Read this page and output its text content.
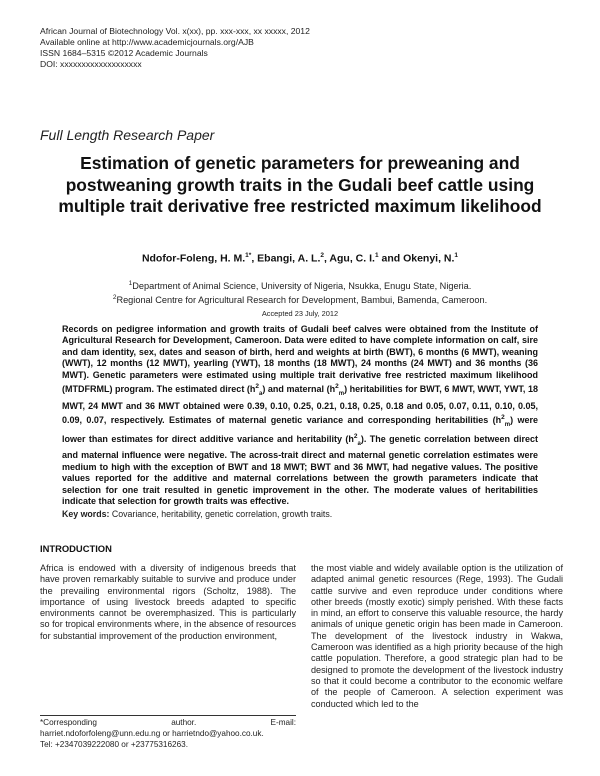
African Journal of Biotechnology Vol. x(xx), pp. xxx-xxx, xx xxxxx, 2012
Available online at http://www.academicjournals.org/AJB
ISSN 1684–5315 ©2012 Academic Journals
DOI: xxxxxxxxxxxxxxxxxxx
Full Length Research Paper
Estimation of genetic parameters for preweaning and postweaning growth traits in the Gudali beef cattle using multiple trait derivative free restricted maximum likelihood
Ndofor-Foleng, H. M.$^{1*}$, Ebangi, A. L.$^2$, Agu, C. I.$^1$ and Okenyi, N.$^1$
$^1$Department of Animal Science, University of Nigeria, Nsukka, Enugu State, Nigeria.
$^2$Regional Centre for Agricultural Research for Development, Bambui, Bamenda, Cameroon.
Accepted 23 July, 2012
Records on pedigree information and growth traits of Gudali beef calves were obtained from the Institute of Agricultural Research for Development, Cameroon. Data were edited to have complete information on calf, sire and dam identity, sex, dates and season of birth, herd and weights at birth (BWT), 6 months (6 MWT), weaning (WWT), 12 months (12 MWT), yearling (YWT), 18 months (18 MWT), 24 months (24 MWT) and 36 months (36 MWT). Genetic parameters were estimated using multiple trait derivative free restricted maximum likelihood (MTDFRML) program. The estimated direct $(h^2_a)$ and maternal $(h^2_m)$ heritabilities for BWT, 6 MWT, WWT, YWT, 18 MWT, 24 MWT and 36 MWT obtained were 0.39, 0.10, 0.25, 0.21, 0.18, 0.25, 0.18 and 0.05, 0.07, 0.11, 0.10, 0.05, 0.09, 0.07, respectively. Estimates of maternal genetic variance and corresponding heritabilities $(h^2_m)$ were lower than estimates for direct additive variance and heritability $(h^2_a)$. The genetic correlation between direct and maternal influence were negative. The across-trait direct and maternal genetic correlation estimates were medium to high with the exception of BWT and 18 MWT; BWT and 36 MWT, had negative values. The positive values reported for the additive and maternal correlations between the growth parameters indicate that selection for one trait resulted in genetic improvement in the other. The moderate values of heritabilities indicate that selection for growth traits was effective.
Key words: Covariance, heritability, genetic correlation, growth traits.
INTRODUCTION
Africa is endowed with a diversity of indigenous breeds that have proven remarkably suitable to survive and produce under the prevailing environmental rigors (Scholtz, 1988). The importance of using livestock breeds adapted to specific environments cannot be overemphasized. This is particularly so for tropical environments where, in the absence of resources for substantial improvement of the production environment,
the most viable and widely available option is the utilization of adapted animal genetic resources (Rege, 1993). The Gudali cattle survive and even reproduce under conditions where other breeds (mostly exotic) simply perished. With these facts in mind, an effort to conserve this valuable resource, the hardy animals of unique genetic origin has been made in Cameroon. The development of the livestock industry in Wakwa, Cameroon was identified as a high priority because of the high cattle population. Therefore, a good strategic plan had to be designed to promote the development of the livestock industry so that it could become a contributor to the economic welfare of the people of Cameroon. A selection experiment was conducted which led to the
*Corresponding	author.	E-mail:
harriet.ndoforfoleng@unn.edu.ng or harrietndo@yahoo.co.uk.
Tel: +2347039222080 or +23775316263.
